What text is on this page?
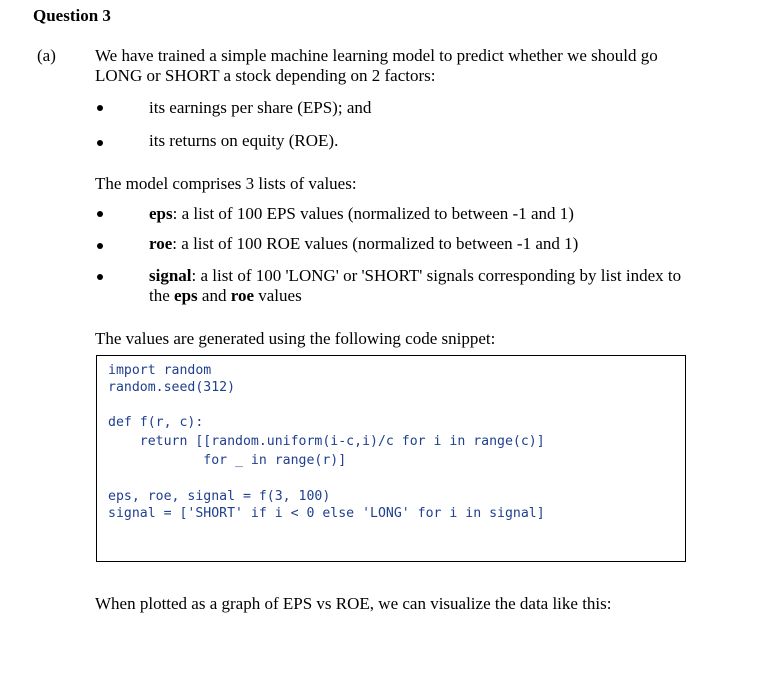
Question 3
(a) We have trained a simple machine learning model to predict whether we should go
LONG or SHORT a stock depending on 2 factors:
its earnings per share (EPS); and
its returns on equity (ROE).
The model comprises 3 lists of values:
eps: a list of 100 EPS values (normalized to between -1 and 1)
roe: a list of 100 ROE values (normalized to between -1 and 1)
signal: a list of 100 'LONG' or 'SHORT' signals corresponding by list index to
the eps and roe values
The values are generated using the following code snippet:
import random
random.seed(312)
def f(r, c):
return [[random.uniform(i-c,i)/c for i in range(c)]
for _ in range(r)]
eps, roe, signal = f(3, 100)
signal = ['SHORT' if i < 0 else 'LONG' for i in signal]
When plotted as a graph of EPS vs ROE, we can visualize the data like this:
